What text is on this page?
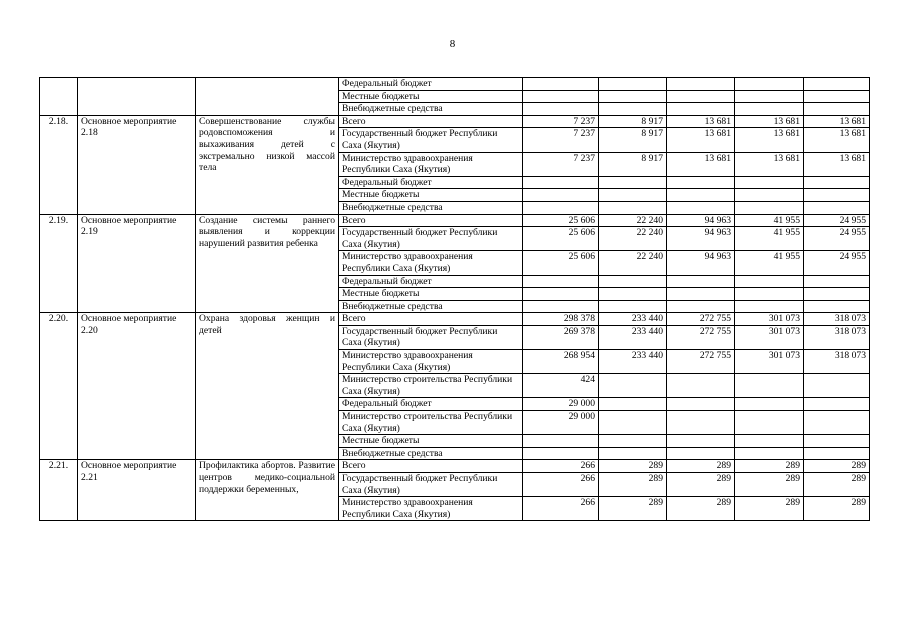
8
			Федеральный бюджет					
			Местные бюджеты					
			Внебюджетные средства					
2.18.	Основное мероприятие 2.18	Совершенствование службы родовспоможения и выхаживания детей с экстремально низкой массой тела	Всего	7 237	8 917	13 681	13 681	13 681
			Государственный бюджет Республики Саха (Якутия)	7 237	8 917	13 681	13 681	13 681
			Министерство здравоохранения Республики Саха (Якутия)	7 237	8 917	13 681	13 681	13 681
			Федеральный бюджет					
			Местные бюджеты					
			Внебюджетные средства					
2.19.	Основное мероприятие 2.19	Создание системы раннего выявления и коррекции нарушений развития ребенка	Всего	25 606	22 240	94 963	41 955	24 955
			Государственный бюджет Республики Саха (Якутия)	25 606	22 240	94 963	41 955	24 955
			Министерство здравоохранения Республики Саха (Якутия)	25 606	22 240	94 963	41 955	24 955
			Федеральный бюджет					
			Местные бюджеты					
			Внебюджетные средства					
2.20.	Основное мероприятие 2.20	Охрана здоровья женщин и детей	Всего	298 378	233 440	272 755	301 073	318 073
			Государственный бюджет Республики Саха (Якутия)	269 378	233 440	272 755	301 073	318 073
			Министерство здравоохранения Республики Саха (Якутия)	268 954	233 440	272 755	301 073	318 073
			Министерство строительства Республики Саха (Якутия)	424				
			Федеральный бюджет	29 000				
			Министерство строительства Республики Саха (Якутия)	29 000				
			Местные бюджеты					
			Внебюджетные средства					
2.21.	Основное мероприятие 2.21	Профилактика абортов. Развитие центров медико-социальной поддержки беременных,	Всего	266	289	289	289	289
			Государственный бюджет Республики Саха (Якутия)	266	289	289	289	289
			Министерство здравоохранения Республики Саха (Якутия)	266	289	289	289	289
